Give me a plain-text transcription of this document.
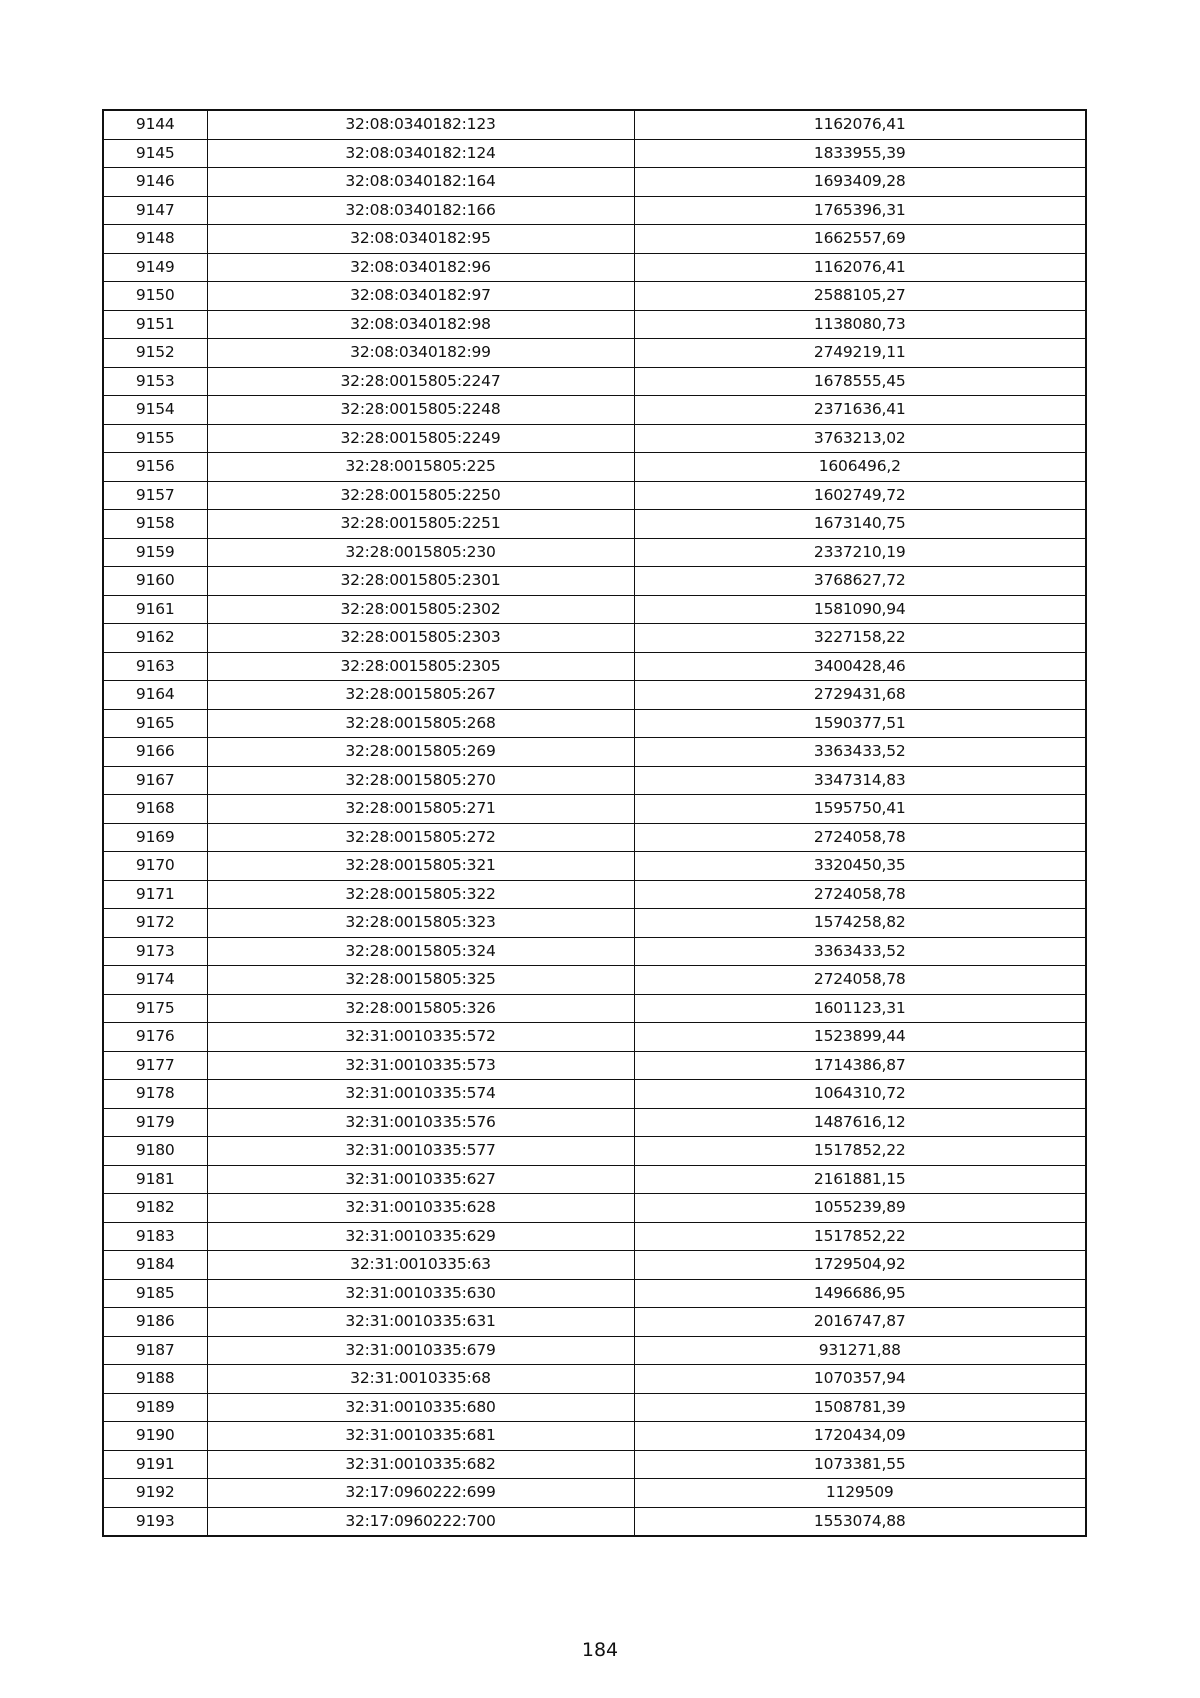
9144	32:08:0340182:123	1162076,41
9145	32:08:0340182:124	1833955,39
9146	32:08:0340182:164	1693409,28
9147	32:08:0340182:166	1765396,31
9148	32:08:0340182:95	1662557,69
9149	32:08:0340182:96	1162076,41
9150	32:08:0340182:97	2588105,27
9151	32:08:0340182:98	1138080,73
9152	32:08:0340182:99	2749219,11
9153	32:28:0015805:2247	1678555,45
9154	32:28:0015805:2248	2371636,41
9155	32:28:0015805:2249	3763213,02
9156	32:28:0015805:225	1606496,2
9157	32:28:0015805:2250	1602749,72
9158	32:28:0015805:2251	1673140,75
9159	32:28:0015805:230	2337210,19
9160	32:28:0015805:2301	3768627,72
9161	32:28:0015805:2302	1581090,94
9162	32:28:0015805:2303	3227158,22
9163	32:28:0015805:2305	3400428,46
9164	32:28:0015805:267	2729431,68
9165	32:28:0015805:268	1590377,51
9166	32:28:0015805:269	3363433,52
9167	32:28:0015805:270	3347314,83
9168	32:28:0015805:271	1595750,41
9169	32:28:0015805:272	2724058,78
9170	32:28:0015805:321	3320450,35
9171	32:28:0015805:322	2724058,78
9172	32:28:0015805:323	1574258,82
9173	32:28:0015805:324	3363433,52
9174	32:28:0015805:325	2724058,78
9175	32:28:0015805:326	1601123,31
9176	32:31:0010335:572	1523899,44
9177	32:31:0010335:573	1714386,87
9178	32:31:0010335:574	1064310,72
9179	32:31:0010335:576	1487616,12
9180	32:31:0010335:577	1517852,22
9181	32:31:0010335:627	2161881,15
9182	32:31:0010335:628	1055239,89
9183	32:31:0010335:629	1517852,22
9184	32:31:0010335:63	1729504,92
9185	32:31:0010335:630	1496686,95
9186	32:31:0010335:631	2016747,87
9187	32:31:0010335:679	931271,88
9188	32:31:0010335:68	1070357,94
9189	32:31:0010335:680	1508781,39
9190	32:31:0010335:681	1720434,09
9191	32:31:0010335:682	1073381,55
9192	32:17:0960222:699	1129509
9193	32:17:0960222:700	1553074,88
184
